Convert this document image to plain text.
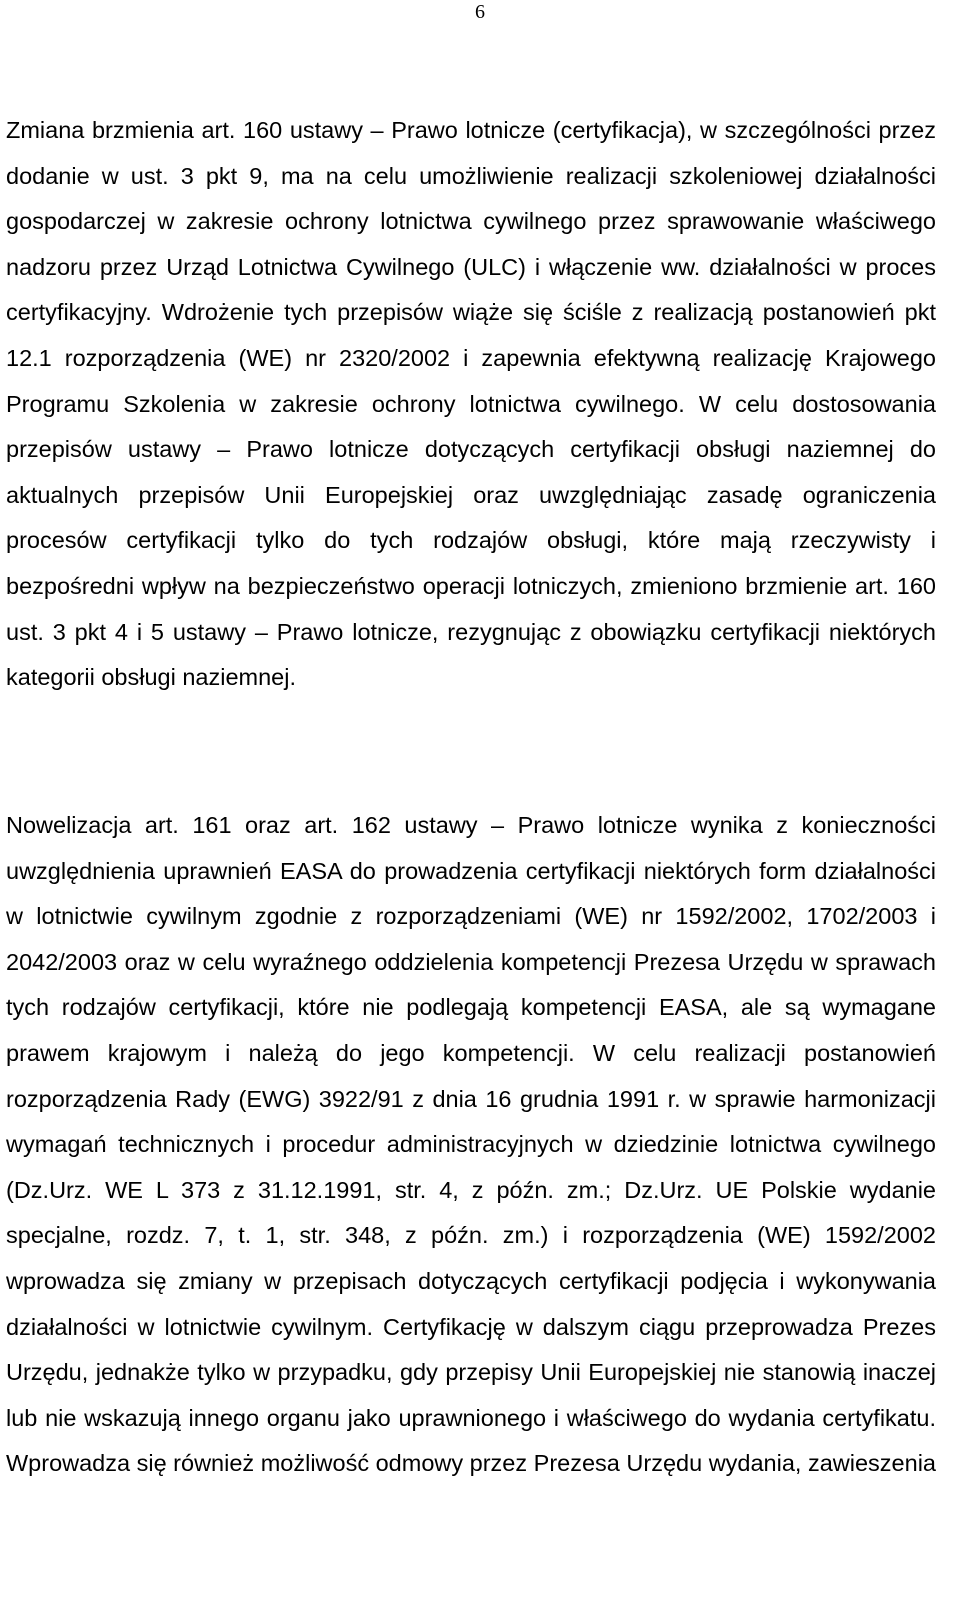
6

Zmiana brzmienia art. 160 ustawy – Prawo lotnicze (certyfikacja), w szczególności przez dodanie w ust. 3 pkt 9, ma na celu umożliwienie realizacji szkoleniowej działalności gospodarczej w zakresie ochrony lotnictwa cywilnego przez sprawowanie właściwego nadzoru przez Urząd Lotnictwa Cywilnego (ULC) i włączenie ww. działalności w proces certyfikacyjny. Wdrożenie tych przepisów wiąże się ściśle z realizacją postanowień pkt 12.1 rozporządzenia (WE) nr 2320/2002 i zapewnia efektywną realizację Krajowego Programu Szkolenia w zakresie ochrony lotnictwa cywilnego. W celu dostosowania przepisów ustawy – Prawo lotnicze dotyczących certyfikacji obsługi naziemnej do aktualnych przepisów Unii Europejskiej oraz uwzględniając zasadę ograniczenia procesów certyfikacji tylko do tych rodzajów obsługi, które mają rzeczywisty i bezpośredni wpływ na bezpieczeństwo operacji lotniczych, zmieniono brzmienie art. 160 ust. 3 pkt 4 i 5 ustawy – Prawo lotnicze, rezygnując z obowiązku certyfikacji niektórych kategorii obsługi naziemnej.

Nowelizacja art. 161 oraz art. 162 ustawy – Prawo lotnicze wynika z konieczności uwzględnienia uprawnień EASA do prowadzenia certyfikacji niektórych form działalności w lotnictwie cywilnym zgodnie z rozporządzeniami (WE) nr 1592/2002, 1702/2003 i 2042/2003 oraz w celu wyraźnego oddzielenia kompetencji Prezesa Urzędu w sprawach tych rodzajów certyfikacji, które nie podlegają kompetencji EASA, ale są wymagane prawem krajowym i należą do jego kompetencji. W celu realizacji postanowień rozporządzenia Rady (EWG) 3922/91 z dnia 16 grudnia 1991 r. w sprawie harmonizacji wymagań technicznych i procedur administracyjnych w dziedzinie lotnictwa cywilnego (Dz.Urz. WE L 373 z 31.12.1991, str. 4, z późn. zm.; Dz.Urz. UE Polskie wydanie specjalne, rozdz. 7, t. 1, str. 348, z późn. zm.) i rozporządzenia (WE) 1592/2002 wprowadza się zmiany w przepisach dotyczących certyfikacji podjęcia i wykonywania działalności w lotnictwie cywilnym. Certyfikację w dalszym ciągu przeprowadza Prezes Urzędu, jednakże tylko w przypadku, gdy przepisy Unii Europejskiej nie stanowią inaczej lub nie wskazują innego organu jako uprawnionego i właściwego do wydania certyfikatu. Wprowadza się również możliwość odmowy przez Prezesa Urzędu wydania, zawieszenia
